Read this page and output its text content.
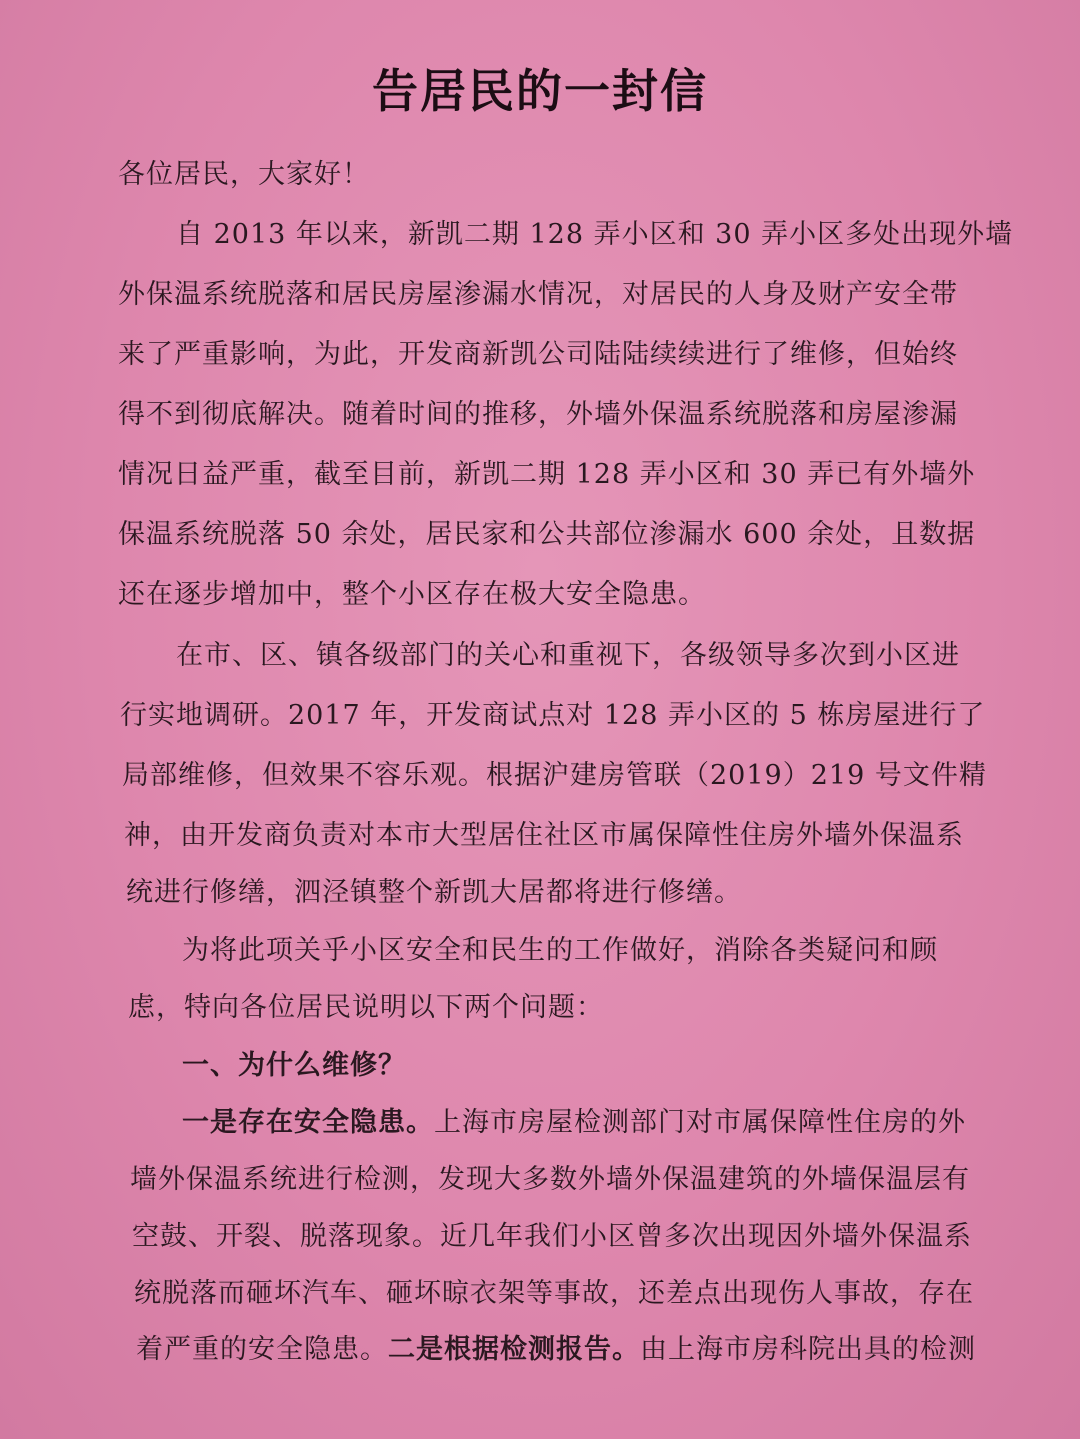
告居民的一封信
各位居民，大家好！
自 2013 年以来，新凯二期 128 弄小区和 30 弄小区多处出现外墙
外保温系统脱落和居民房屋渗漏水情况，对居民的人身及财产安全带
来了严重影响，为此，开发商新凯公司陆陆续续进行了维修，但始终
得不到彻底解决。随着时间的推移，外墙外保温系统脱落和房屋渗漏
情况日益严重，截至目前，新凯二期 128 弄小区和 30 弄已有外墙外
保温系统脱落 50 余处，居民家和公共部位渗漏水 600 余处，且数据
还在逐步增加中，整个小区存在极大安全隐患。
在市、区、镇各级部门的关心和重视下，各级领导多次到小区进
行实地调研。2017 年，开发商试点对 128 弄小区的 5 栋房屋进行了
局部维修，但效果不容乐观。根据沪建房管联（2019）219 号文件精
神，由开发商负责对本市大型居住社区市属保障性住房外墙外保温系
统进行修缮，泗泾镇整个新凯大居都将进行修缮。
为将此项关乎小区安全和民生的工作做好，消除各类疑问和顾
虑，特向各位居民说明以下两个问题：
一、为什么维修？
一是存在安全隐患。上海市房屋检测部门对市属保障性住房的外
墙外保温系统进行检测，发现大多数外墙外保温建筑的外墙保温层有
空鼓、开裂、脱落现象。近几年我们小区曾多次出现因外墙外保温系
统脱落而砸坏汽车、砸坏晾衣架等事故，还差点出现伤人事故，存在
着严重的安全隐患。二是根据检测报告。由上海市房科院出具的检测
